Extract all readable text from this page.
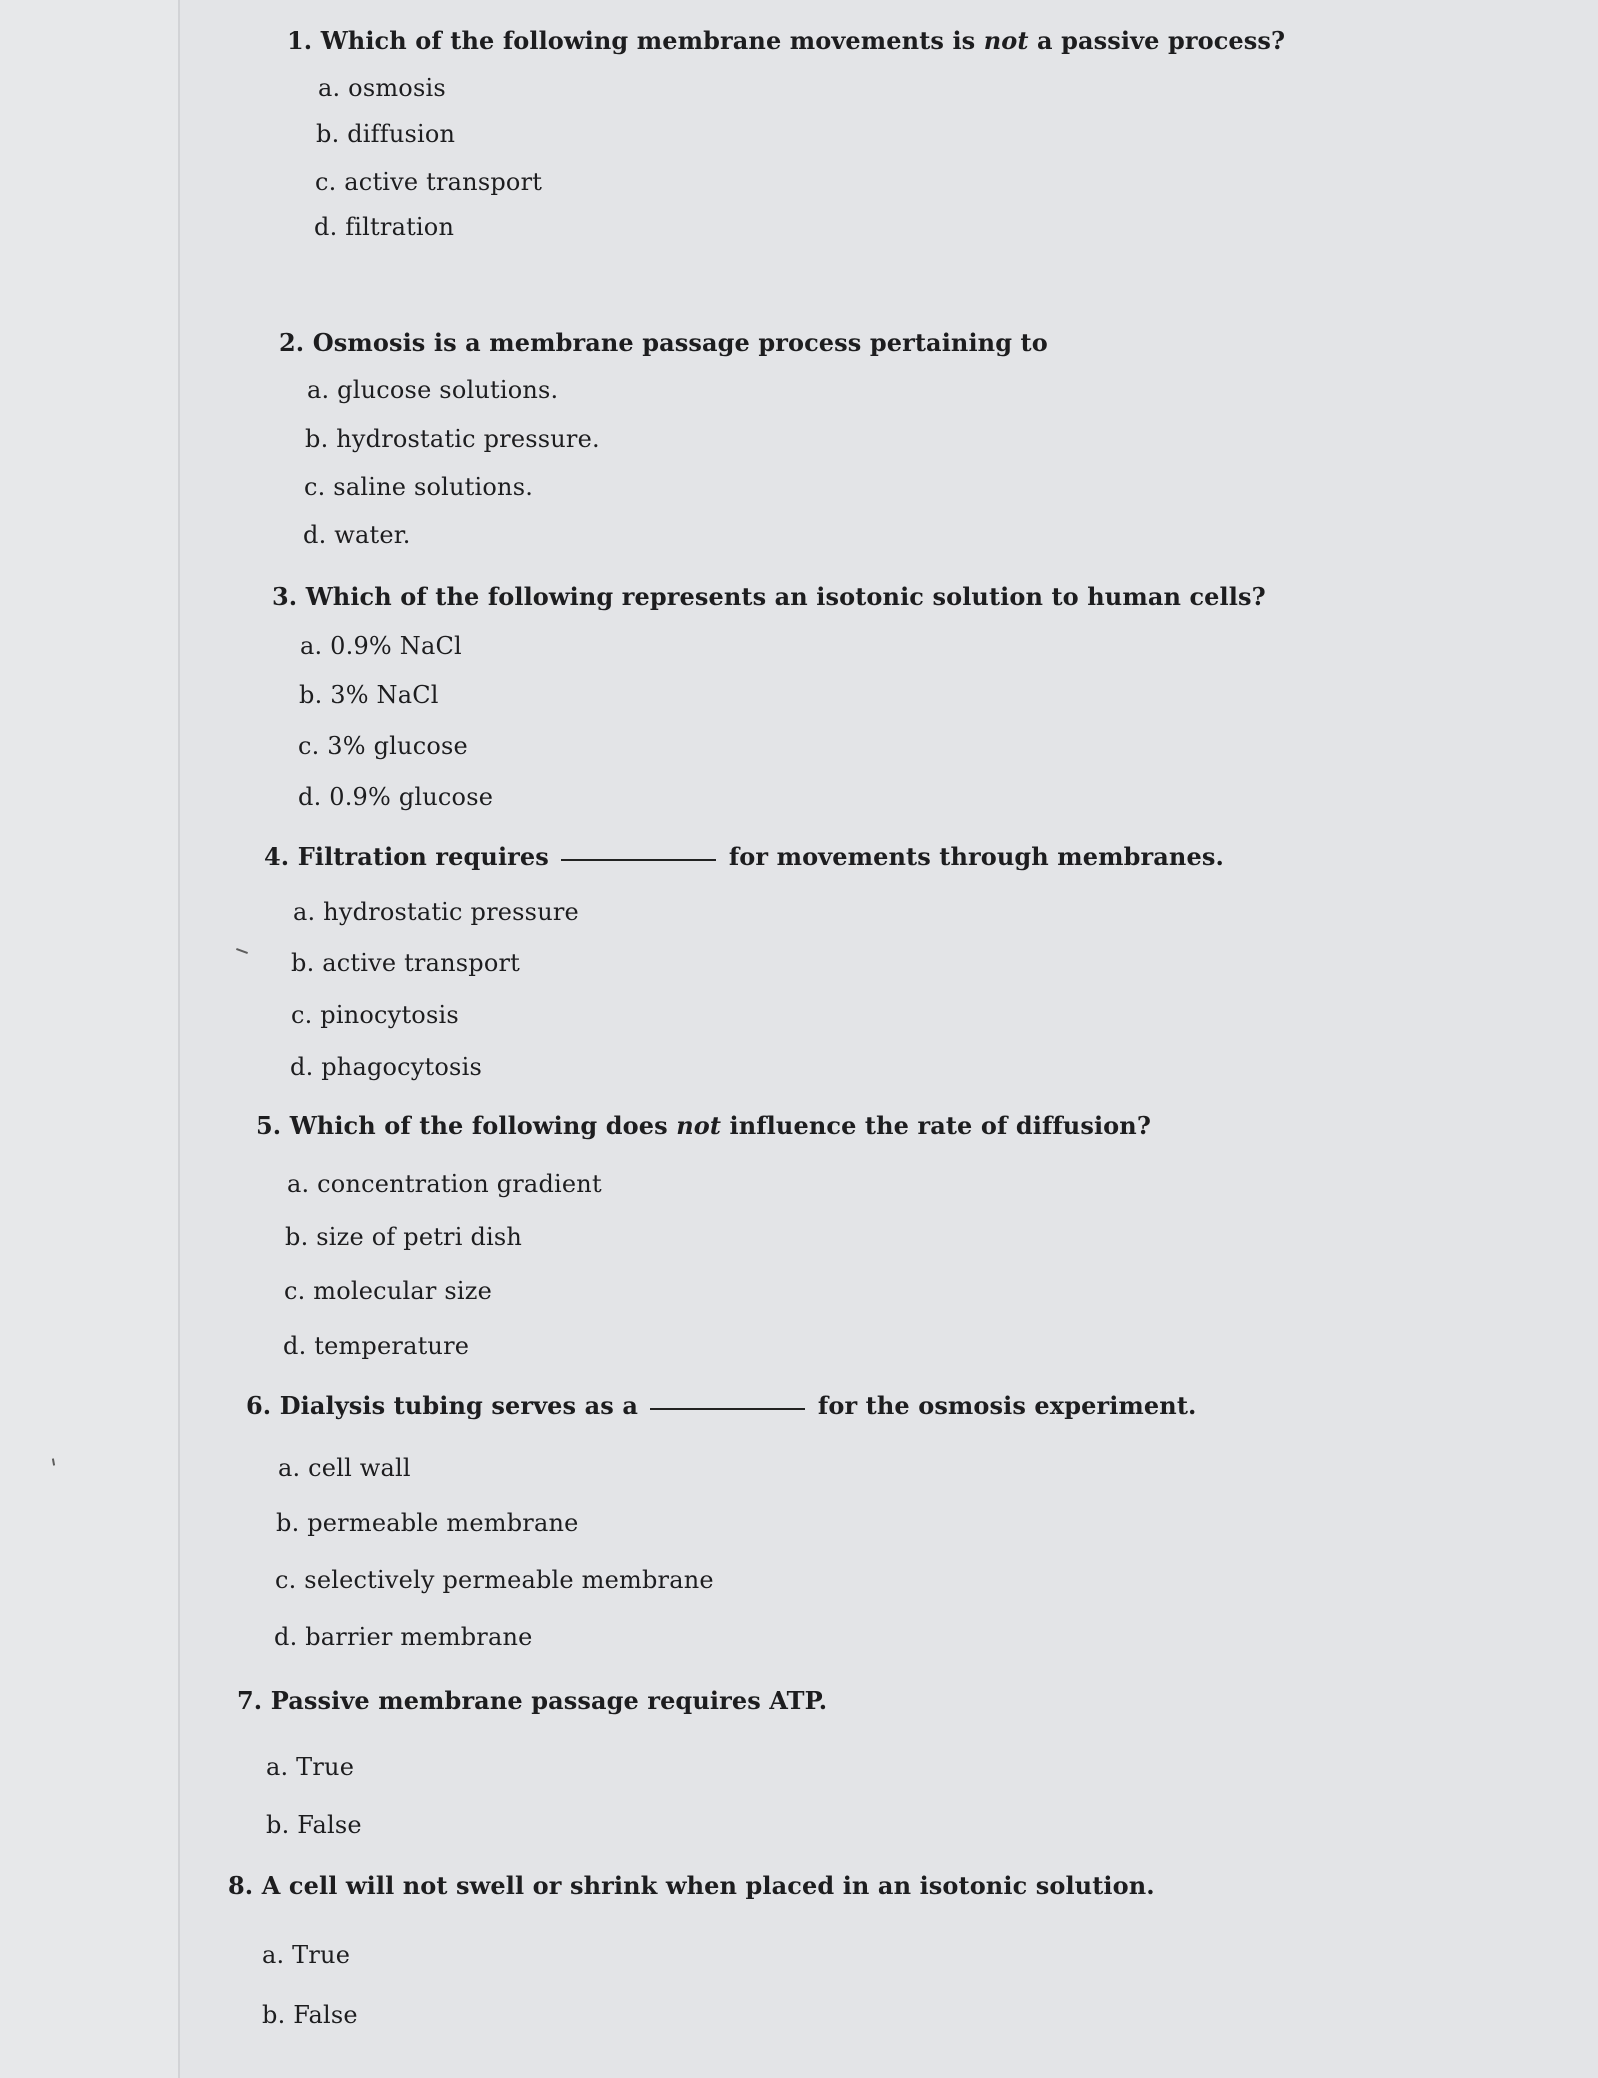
1. Which of the following membrane movements is not a passive process?

a. osmosis

b. diffusion

c. active transport

d. filtration

2. Osmosis is a membrane passage process pertaining to

a. glucose solutions.

b. hydrostatic pressure.

c. saline solutions.

d. water.

3. Which of the following represents an isotonic solution to human cells?

a. 0.9% NaCl

b. 3% NaCl

c. 3% glucose

d. 0.9% glucose

4. Filtration requires	for movements through membranes.

a. hydrostatic pressure

b. active transport

c. pinocytosis

d. phagocytosis

5. Which of the following does not influence the rate of diffusion?

a. concentration gradient

b. size of petri dish

c. molecular size

d. temperature

6. Dialysis tubing serves as a	for the osmosis experiment.

a. cell wall

b. permeable membrane

c. selectively permeable membrane

d. barrier membrane

7. Passive membrane passage requires ATP.

a. True

b. False

8. A cell will not swell or shrink when placed in an isotonic solution.

a. True

b. False
